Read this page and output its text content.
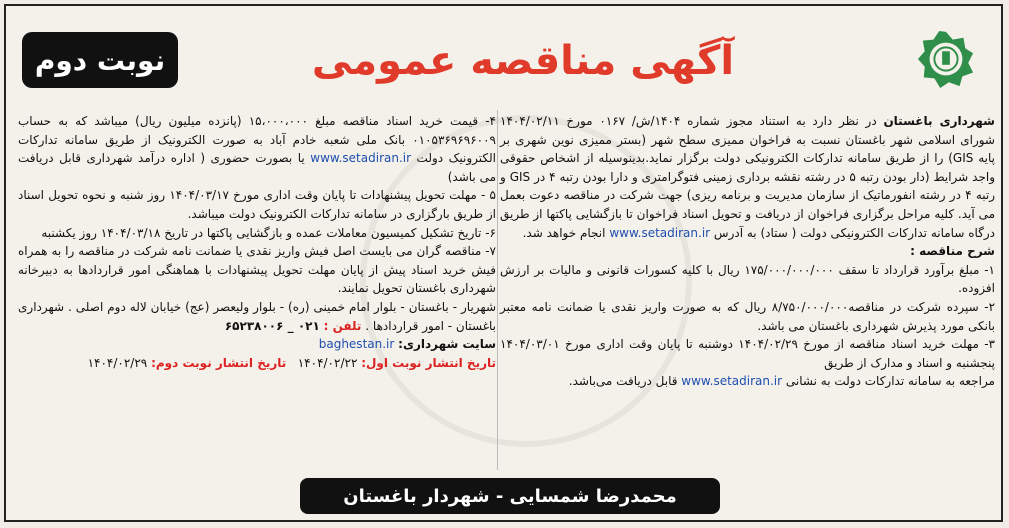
نوبت دوم	آگهی مناقصه عمومی
شهرداری باغستان در نظر دارد به استناد مجوز شماره ۱۴۰۴/ش/ ۰۱۶۷ مورخ ۱۴۰۴/۰۲/۱۱ شورای اسلامی شهر باغستان نسبت به فراخوان ممیزی سطح شهر (بستر ممیزی نوین شهری بر پایه GIS) را از طریق سامانه تدارکات الکترونیکی دولت برگزار نماید.بدینوسیله از اشخاص حقوقی واجد شرایط (دار بودن رتبه ۵ در رشته نقشه برداری زمینی فتوگرامتری و دارا بودن رتبه ۴ در GIS و رتبه ۴ در رشته انفورماتیک از سازمان مدیریت و برنامه ریزی) جهت شرکت در مناقصه دعوت بعمل می آید. کلیه مراحل برگزاری فراخوان از دریافت و تحویل اسناد فراخوان تا بازگشایی پاکتها از طریق درگاه سامانه تدارکات الکترونیکی دولت ( ستاد) به آدرس www.setadiran.ir انجام خواهد شد.
شرح مناقصه :
۱- مبلغ برآورد قرارداد تا سقف ۱۷۵/۰۰۰/۰۰۰/۰۰۰ ریال با کلیه کسورات قانونی و مالیات بر ارزش افزوده.
۲- سپرده شرکت در مناقصه۸/۷۵۰/۰۰۰/۰۰۰ ریال که به صورت واریز نقدی یا ضمانت نامه معتبر بانکی مورد پذیرش شهرداری باغستان می باشد.
۳- مهلت خرید اسناد مناقصه از مورخ ۱۴۰۴/۰۲/۲۹ دوشنبه تا پایان وقت اداری مورخ ۱۴۰۴/۰۳/۰۱ پنجشنبه و اسناد و مدارک از طریق
مراجعه به سامانه تدارکات دولت به نشانی www.setadiran.ir قابل دریافت می‌باشد.
۴- قیمت خرید اسناد مناقصه مبلغ ۱۵،۰۰۰،۰۰۰ (پانزده میلیون ریال) میباشد که به حساب ۰۱۰۵۳۶۹۶۹۶۰۰۹ بانک ملی شعبه خادم آباد به صورت الکترونیک از طریق سامانه تدارکات الکترونیک دولت www.setadiran.ir یا بصورت حضوری ( اداره درآمد شهرداری قابل دریافت می باشد)
۵ - مهلت تحویل پیشنهادات تا پایان وقت اداری مورخ ۱۴۰۴/۰۳/۱۷ روز شنبه و نحوه تحویل اسناد از طریق بارگزاری در سامانه تدارکات الکترونیک دولت میباشد.
۶- تاریخ تشکیل کمیسیون معاملات عمده و بازگشایی پاکتها در تاریخ ۱۴۰۴/۰۳/۱۸ روز یکشنبه
۷- مناقصه گران می بایست اصل فیش واریز نقدی یا ضمانت نامه شرکت در مناقصه را به همراه فیش خرید اسناد پیش از پایان مهلت تحویل پیشنهادات با هماهنگی امور قراردادها به دبیرخانه شهرداری باغستان تحویل نمایند.
شهریار - باغستان - بلوار امام خمینی (ره) - بلوار ولیعصر (عج) خیابان لاله دوم اصلی . شهرداری باغستان - امور قراردادها . تلفن : ۰۲۱ _ ۶۵۲۳۸۰۰۶
سایت شهرداری: baghestan.ir
تاریخ انتشار نوبت اول: ۱۴۰۴/۰۲/۲۲   تاریخ انتشار نوبت دوم: ۱۴۰۴/۰۲/۲۹
محمدرضا شمسایی - شهردار باغستان
